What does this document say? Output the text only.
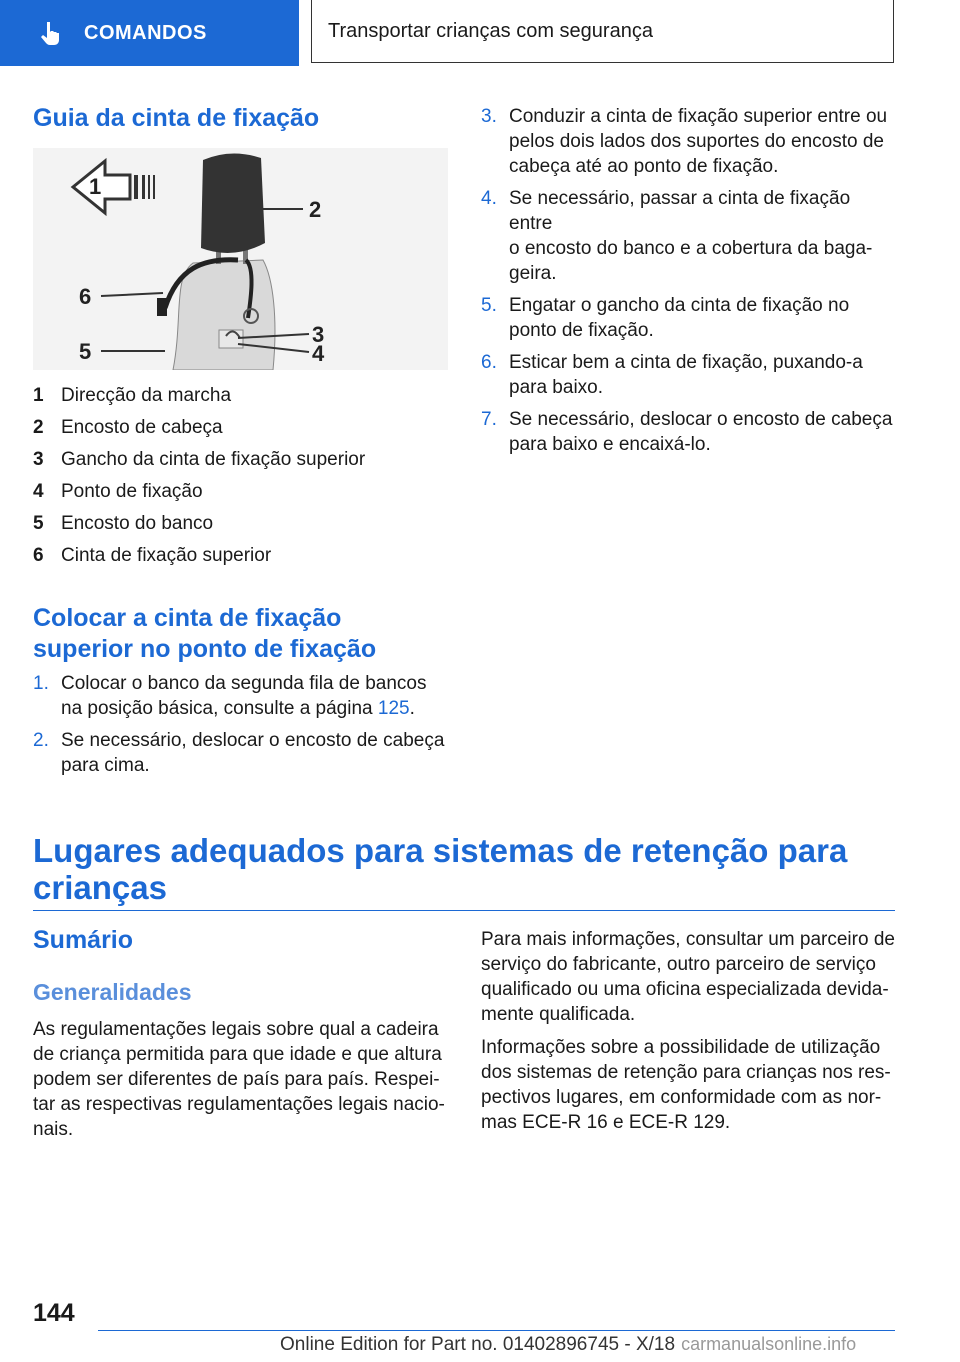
COMANDOS	Transportar crianças com segurança
Guia da cinta de fixação
1
2
3
4
5
6
1 Direcção da marcha
2 Encosto de cabeça
3 Gancho da cinta de fixação superior
4 Ponto de fixação
5 Encosto do banco
6 Cinta de fixação superior
Colocar a cinta de fixação
superior no ponto de fixação
1. Colocar o banco da segunda fila de bancos
na posição básica, consulte a página 125.
2. Se necessário, deslocar o encosto de cabeça
para cima.
3. Conduzir a cinta de fixação superior entre ou
pelos dois lados dos suportes do encosto de
cabeça até ao ponto de fixação.
4. Se necessário, passar a cinta de fixação entre
o encosto do banco e a cobertura da baga-
geira.
5. Engatar o gancho da cinta de fixação no
ponto de fixação.
6. Esticar bem a cinta de fixação, puxando-a
para baixo.
7. Se necessário, deslocar o encosto de cabeça
para baixo e encaixá-lo.
Lugares adequados para sistemas de retenção para
crianças
Sumário
Generalidades

As regulamentações legais sobre qual a cadeira
de criança permitida para que idade e que altura
podem ser diferentes de país para país. Respei-
tar as respectivas regulamentações legais nacio-
nais.

Para mais informações, consultar um parceiro de
serviço do fabricante, outro parceiro de serviço
qualificado ou uma oficina especializada devida-
mente qualificada.

Informações sobre a possibilidade de utilização
dos sistemas de retenção para crianças nos res-
pectivos lugares, em conformidade com as nor-
mas ECE-R 16 e ECE-R 129.

144
Online Edition for Part no. 01402896745 - X/18 carmanualsonline.info
